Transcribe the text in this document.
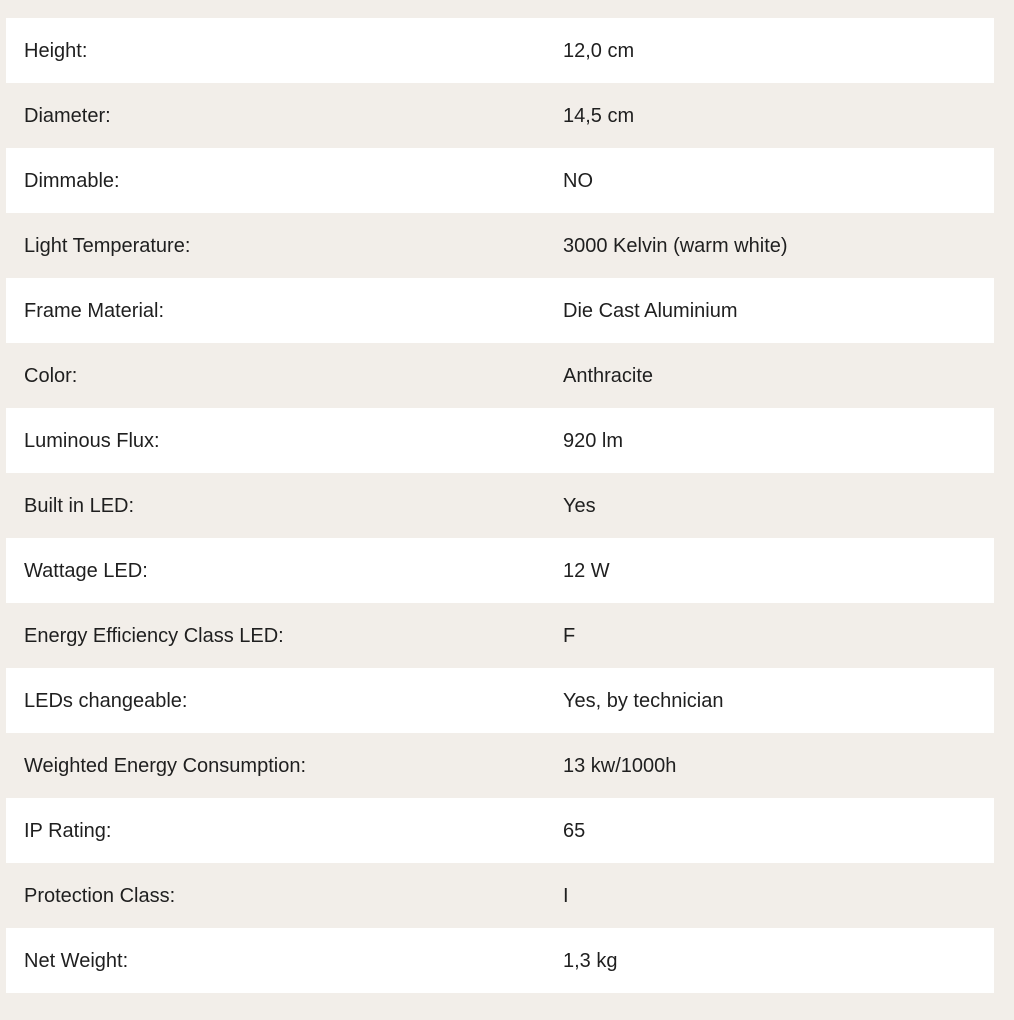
Height:	12,0 cm
Diameter:	14,5 cm
Dimmable:	NO
Light Temperature:	3000 Kelvin (warm white)
Frame Material:	Die Cast Aluminium
Color:	Anthracite
Luminous Flux:	920 lm
Built in LED:	Yes
Wattage LED:	12 W
Energy Efficiency Class LED:	F
LEDs changeable:	Yes, by technician
Weighted Energy Consumption:	13 kw/1000h
IP Rating:	65
Protection Class:	I
Net Weight:	1,3 kg
